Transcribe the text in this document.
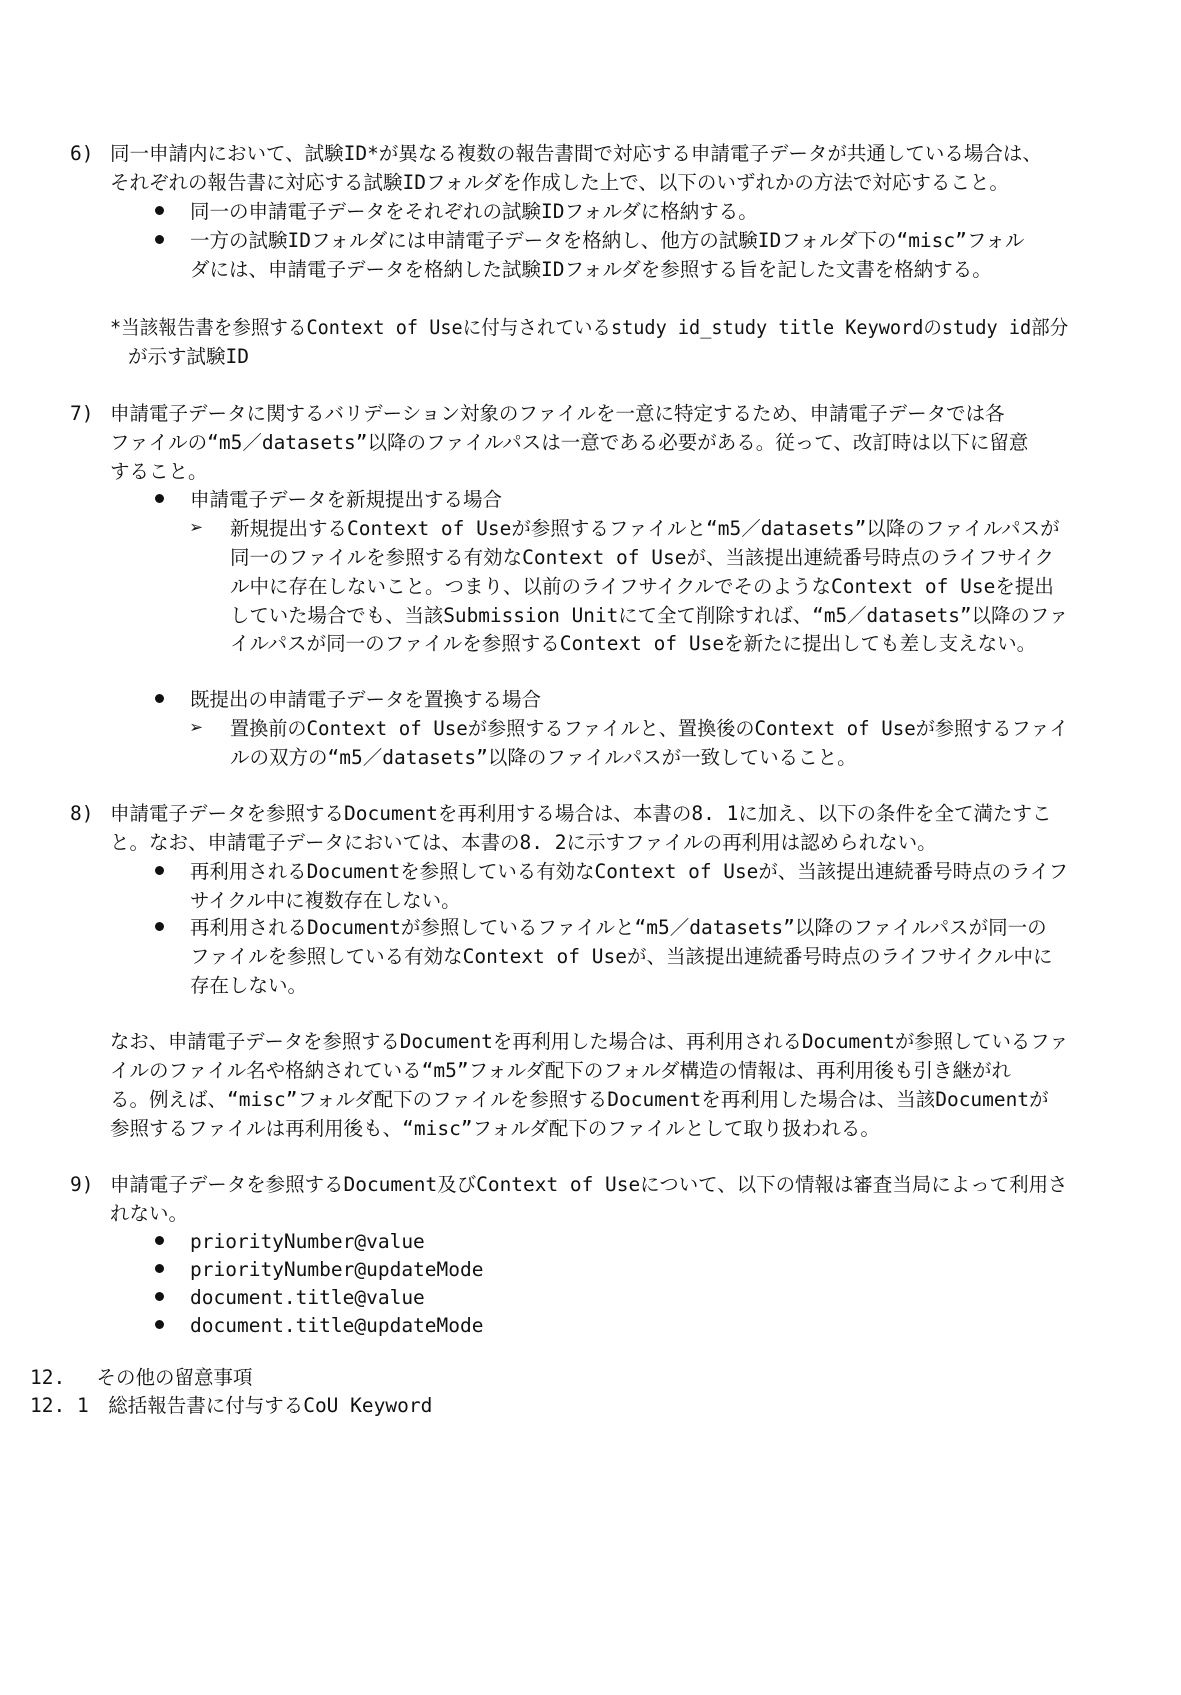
6) 同一申請内において、試験ID*が異なる複数の報告書間で対応する申請電子データが共通している場合は、
それぞれの報告書に対応する試験IDフォルダを作成した上で、以下のいずれかの方法で対応すること。
同一の申請電子データをそれぞれの試験IDフォルダに格納する。
一方の試験IDフォルダには申請電子データを格納し、他方の試験IDフォルダ下の“misc”フォル
ダには、申請電子データを格納した試験IDフォルダを参照する旨を記した文書を格納する。
*当該報告書を参照するContext of Useに付与されているstudy id_study title Keywordのstudy id部分
が示す試験ID
7) 申請電子データに関するバリデーション対象のファイルを一意に特定するため、申請電子データでは各
ファイルの“m5／datasets”以降のファイルパスは一意である必要がある。従って、改訂時は以下に留意
すること。
申請電子データを新規提出する場合
➢ 新規提出するContext of Useが参照するファイルと“m5／datasets”以降のファイルパスが
同一のファイルを参照する有効なContext of Useが、当該提出連続番号時点のライフサイク
ル中に存在しないこと。つまり、以前のライフサイクルでそのようなContext of Useを提出
していた場合でも、当該Submission Unitにて全て削除すれば、“m5／datasets”以降のファ
イルパスが同一のファイルを参照するContext of Useを新たに提出しても差し支えない。
既提出の申請電子データを置換する場合
➢ 置換前のContext of Useが参照するファイルと、置換後のContext of Useが参照するファイ
ルの双方の“m5／datasets”以降のファイルパスが一致していること。
8) 申請電子データを参照するDocumentを再利用する場合は、本書の8. 1に加え、以下の条件を全て満たすこ
と。なお、申請電子データにおいては、本書の8. 2に示すファイルの再利用は認められない。
再利用されるDocumentを参照している有効なContext of Useが、当該提出連続番号時点のライフ
サイクル中に複数存在しない。
再利用されるDocumentが参照しているファイルと“m5／datasets”以降のファイルパスが同一の
ファイルを参照している有効なContext of Useが、当該提出連続番号時点のライフサイクル中に
存在しない。
なお、申請電子データを参照するDocumentを再利用した場合は、再利用されるDocumentが参照しているファ
イルのファイル名や格納されている“m5”フォルダ配下のフォルダ構造の情報は、再利用後も引き継がれ
る。例えば、“misc”フォルダ配下のファイルを参照するDocumentを再利用した場合は、当該Documentが
参照するファイルは再利用後も、“misc”フォルダ配下のファイルとして取り扱われる。
9) 申請電子データを参照するDocument及びContext of Useについて、以下の情報は審査当局によって利用さ
れない。
priorityNumber@value
priorityNumber@updateMode
document.title@value
document.title@updateMode
12.　 その他の留意事項
12. 1　総括報告書に付与するCoU Keyword
